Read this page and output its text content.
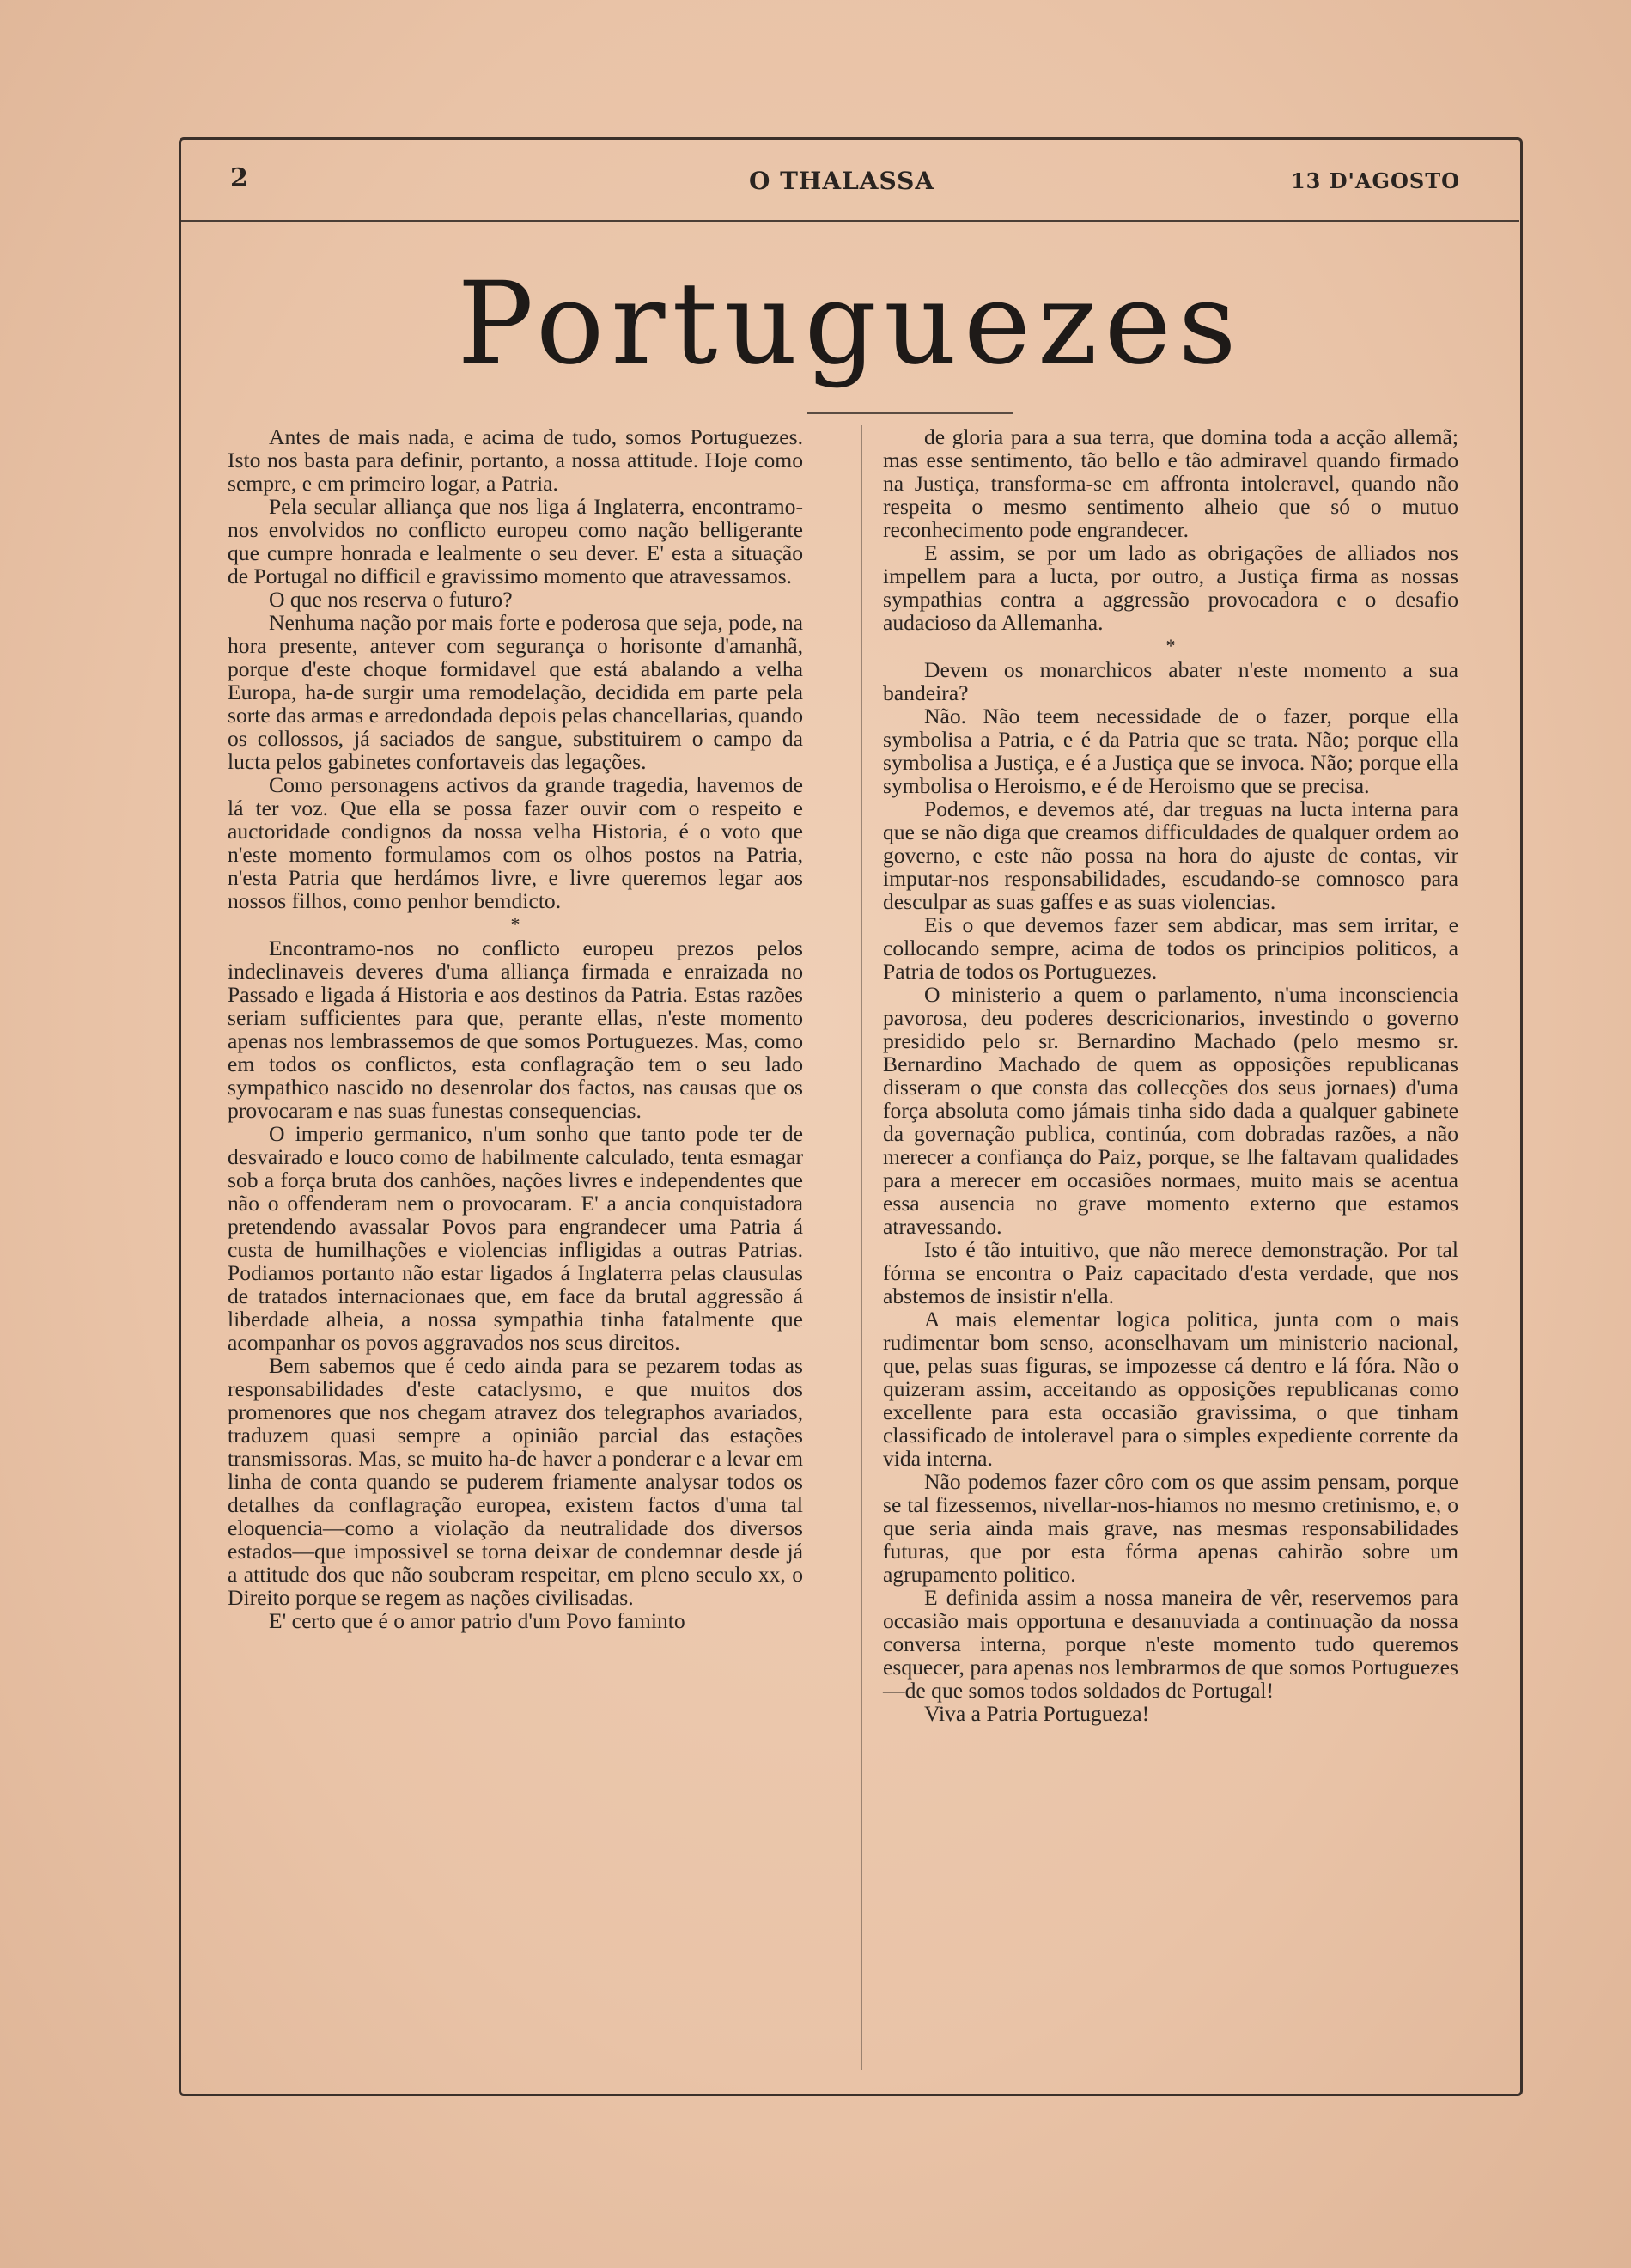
2	O THALASSA	13 D'AGOSTO
Portuguezes

Antes de mais nada, e acima de tudo, somos Portuguezes. Isto nos basta para definir, portanto, a nossa attitude. Hoje como sempre, e em primeiro logar, a Patria.

Pela secular alliança que nos liga á Inglaterra, encontramo-nos envolvidos no conflicto europeu como nação belligerante que cumpre honrada e lealmente o seu dever. E' esta a situação de Portugal no difficil e gravissimo momento que atravessamos.

O que nos reserva o futuro?

Nenhuma nação por mais forte e poderosa que seja, pode, na hora presente, antever com segurança o horisonte d'amanhã, porque d'este choque formidavel que está abalando a velha Europa, ha-de surgir uma remodelação, decidida em parte pela sorte das armas e arredondada depois pelas chancellarias, quando os collossos, já saciados de sangue, substituirem o campo da lucta pelos gabinetes confortaveis das legações.

Como personagens activos da grande tragedia, havemos de lá ter voz. Que ella se possa fazer ouvir com o respeito e auctoridade condignos da nossa velha Historia, é o voto que n'este momento formulamos com os olhos postos na Patria, n'esta Patria que herdámos livre, e livre queremos legar aos nossos filhos, como penhor bemdicto.

*

Encontramo-nos no conflicto europeu prezos pelos indeclinaveis deveres d'uma alliança firmada e enraizada no Passado e ligada á Historia e aos destinos da Patria. Estas razões seriam sufficientes para que, perante ellas, n'este momento apenas nos lembrassemos de que somos Portuguezes. Mas, como em todos os conflictos, esta conflagração tem o seu lado sympathico nascido no desenrolar dos factos, nas causas que os provocaram e nas suas funestas consequencias.

O imperio germanico, n'um sonho que tanto pode ter de desvairado e louco como de habilmente calculado, tenta esmagar sob a força bruta dos canhões, nações livres e independentes que não o offenderam nem o provocaram. E' a ancia conquistadora pretendendo avassalar Povos para engrandecer uma Patria á custa de humilhações e violencias infligidas a outras Patrias. Podiamos portanto não estar ligados á Inglaterra pelas clausulas de tratados internacionaes que, em face da brutal aggressão á liberdade alheia, a nossa sympathia tinha fatalmente que acompanhar os povos aggravados nos seus direitos.

Bem sabemos que é cedo ainda para se pezarem todas as responsabilidades d'este cataclysmo, e que muitos dos promenores que nos chegam atravez dos telegraphos avariados, traduzem quasi sempre a opinião parcial das estações transmissoras. Mas, se muito ha-de haver a ponderar e a levar em linha de conta quando se puderem friamente analysar todos os detalhes da conflagração europea, existem factos d'uma tal eloquencia—como a violação da neutralidade dos diversos estados—que impossivel se torna deixar de condemnar desde já a attitude dos que não souberam respeitar, em pleno seculo xx, o Direito porque se regem as nações civilisadas.

E' certo que é o amor patrio d'um Povo faminto

de gloria para a sua terra, que domina toda a acção allemã; mas esse sentimento, tão bello e tão admiravel quando firmado na Justiça, transforma-se em affronta intoleravel, quando não respeita o mesmo sentimento alheio que só o mutuo reconhecimento pode engrandecer.

E assim, se por um lado as obrigações de alliados nos impellem para a lucta, por outro, a Justiça firma as nossas sympathias contra a aggressão provocadora e o desafio audacioso da Allemanha.

*

Devem os monarchicos abater n'este momento a sua bandeira?

Não. Não teem necessidade de o fazer, porque ella symbolisa a Patria, e é da Patria que se trata. Não; porque ella symbolisa a Justiça, e é a Justiça que se invoca. Não; porque ella symbolisa o Heroismo, e é de Heroismo que se precisa.

Podemos, e devemos até, dar treguas na lucta interna para que se não diga que creamos difficuldades de qualquer ordem ao governo, e este não possa na hora do ajuste de contas, vir imputar-nos responsabilidades, escudando-se comnosco para desculpar as suas gaffes e as suas violencias.

Eis o que devemos fazer sem abdicar, mas sem irritar, e collocando sempre, acima de todos os principios politicos, a Patria de todos os Portuguezes.

O ministerio a quem o parlamento, n'uma inconsciencia pavorosa, deu poderes descricionarios, investindo o governo presidido pelo sr. Bernardino Machado (pelo mesmo sr. Bernardino Machado de quem as opposições republicanas disseram o que consta das collecções dos seus jornaes) d'uma força absoluta como jámais tinha sido dada a qualquer gabinete da governação publica, continúa, com dobradas razões, a não merecer a confiança do Paiz, porque, se lhe faltavam qualidades para a merecer em occasiões normaes, muito mais se acentua essa ausencia no grave momento externo que estamos atravessando.

Isto é tão intuitivo, que não merece demonstração. Por tal fórma se encontra o Paiz capacitado d'esta verdade, que nos abstemos de insistir n'ella.

A mais elementar logica politica, junta com o mais rudimentar bom senso, aconselhavam um ministerio nacional, que, pelas suas figuras, se impozesse cá dentro e lá fóra. Não o quizeram assim, acceitando as opposições republicanas como excellente para esta occasião gravissima, o que tinham classificado de intoleravel para o simples expediente corrente da vida interna.

Não podemos fazer côro com os que assim pensam, porque se tal fizessemos, nivellar-nos-hiamos no mesmo cretinismo, e, o que seria ainda mais grave, nas mesmas responsabilidades futuras, que por esta fórma apenas cahirão sobre um agrupamento politico.

E definida assim a nossa maneira de vêr, reservemos para occasião mais opportuna e desanuviada a continuação da nossa conversa interna, porque n'este momento tudo queremos esquecer, para apenas nos lembrarmos de que somos Portuguezes—de que somos todos soldados de Portugal!

Viva a Patria Portugueza!
